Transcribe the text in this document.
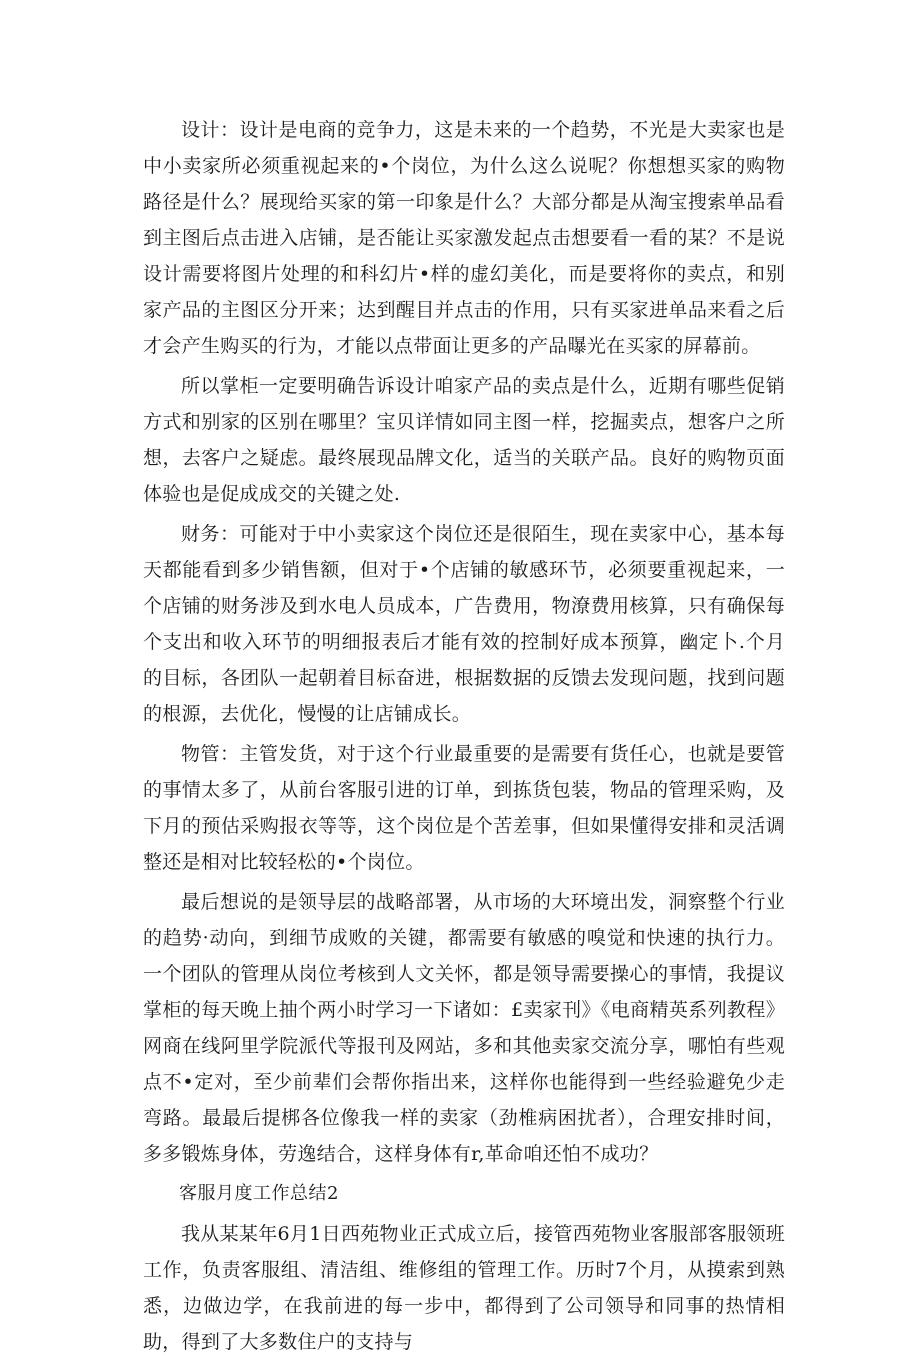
设计：设计是电商的竞争力，这是未来的一个趋势，不光是大卖家也是中小卖家所必须重视起来的•个岗位，为什么这么说呢？你想想买家的购物路径是什么？展现给买家的第一印象是什么？大部分都是从淘宝搜索单品看到主图后点击进入店铺，是否能让买家激发起点击想要看一看的某？不是说设计需要将图片处理的和科幻片•样的虚幻美化，而是要将你的卖点，和别家产品的主图区分开来；达到醒目并点击的作用，只有买家进单品来看之后才会产生购买的行为，才能以点带面让更多的产品曝光在买家的屏幕前。

所以掌柜一定要明确告诉设计咱家产品的卖点是什么，近期有哪些促销方式和别家的区别在哪里？宝贝详情如同主图一样，挖掘卖点，想客户之所想，去客户之疑虑。最终展现品牌文化，适当的关联产品。良好的购物页面体验也是促成成交的关键之处.

财务：可能对于中小卖家这个岗位还是很陌生，现在卖家中心，基本每天都能看到多少销售额，但对于•个店铺的敏感环节，必须要重视起来，一个店铺的财务涉及到水电人员成本，广告费用，物潦费用核算，只有确保每个支出和收入环节的明细报表后才能有效的控制好成本预算，幽定卜.个月的目标，各团队一起朝着目标奋进，根据数据的反馈去发现问题，找到问题的根源，去优化，慢慢的让店铺成长。

物管：主管发货，对于这个行业最重要的是需要有货任心，也就是要管的事情太多了，从前台客服引进的订单，到拣货包装，物品的管理采购，及下月的预估采购报衣等等，这个岗位是个苦差事，但如果懂得安排和灵活调整还是相对比较轻松的•个岗位。

最后想说的是领导层的战略部署，从市场的大环境出发，洞察整个行业的趋势·动向，到细节成败的关键，都需要有敏感的嗅觉和快速的执行力。一个团队的管理从岗位考核到人文关怀，都是领导需要操心的事情，我提议掌柜的每天晚上抽个两小时学习一下诸如：£卖家刊》《电商精英系列教程》网商在线阿里学院派代等报刊及网站，多和其他卖家交流分享，哪怕有些观点不•定对，至少前辈们会帮你指出来，这样你也能得到一些经验避免少走弯路。最最后提梆各位像我一样的卖家（劲椎病困扰者），合理安排时间，多多锻炼身体，劳逸结合，这样身体有r,革命咱还怕不成功？

客服月度工作总结2

我从某某年6月1日西苑物业正式成立后，接管西苑物业客服部客服领班工作，负责客服组、清洁组、维修组的管理工作。历时7个月，从摸索到熟悉，边做边学，在我前进的每一步中，都得到了公司领导和同事的热情相助，得到了大多数住户的支持与
